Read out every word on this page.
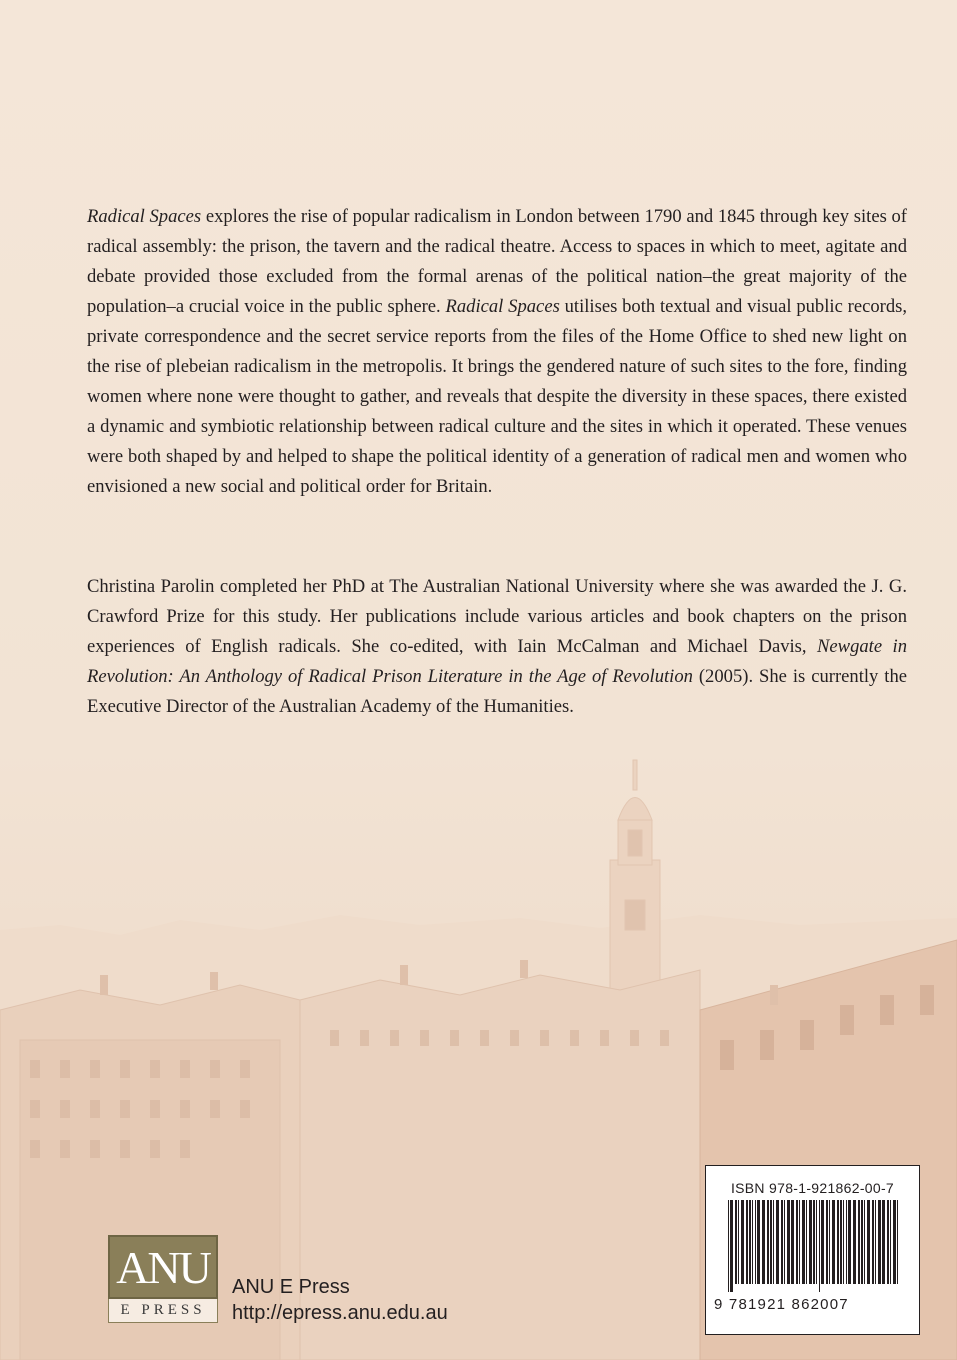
Radical Spaces explores the rise of popular radicalism in London between 1790 and 1845 through key sites of radical assembly: the prison, the tavern and the radical theatre. Access to spaces in which to meet, agitate and debate provided those excluded from the formal arenas of the political nation–the great majority of the population–a crucial voice in the public sphere. Radical Spaces utilises both textual and visual public records, private correspondence and the secret service reports from the files of the Home Office to shed new light on the rise of plebeian radicalism in the metropolis. It brings the gendered nature of such sites to the fore, finding women where none were thought to gather, and reveals that despite the diversity in these spaces, there existed a dynamic and symbiotic relationship between radical culture and the sites in which it operated. These venues were both shaped by and helped to shape the political identity of a generation of radical men and women who envisioned a new social and political order for Britain.

Christina Parolin completed her PhD at The Australian National University where she was awarded the J. G. Crawford Prize for this study. Her publications include various articles and book chapters on the prison experiences of English radicals. She co-edited, with Iain McCalman and Michael Davis, Newgate in Revolution: An Anthology of Radical Prison Literature in the Age of Revolution (2005). She is currently the Executive Director of the Australian Academy of the Humanities.

ANU
E PRESS
ANU E Press
http://epress.anu.edu.au
ISBN 978-1-921862-00-7
9 781921 862007
